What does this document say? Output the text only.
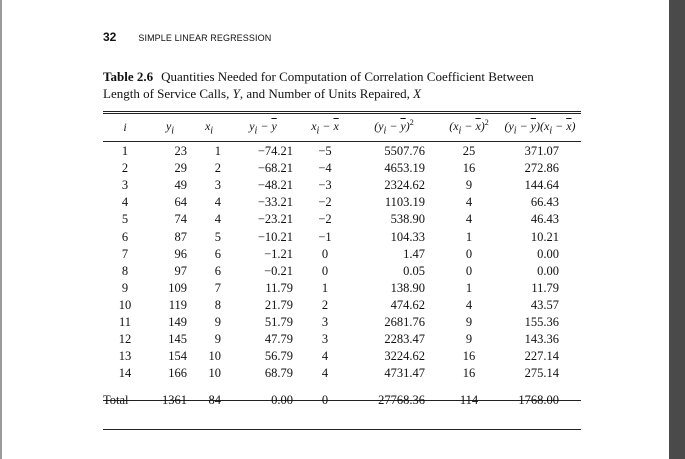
32 SIMPLE LINEAR REGRESSION
Table 2.6 Quantities Needed for Computation of Correlation Coefficient Between Length of Service Calls, Y, and Number of Units Repaired, X
i	$y_i$	$x_i$	$y_i - \overline{y}$	$x_i - \overline{x}$	$(y_i - \overline{y})^2$	$(x_i - \overline{x})^2$	$(y_i - \overline{y})(x_i - \overline{x})$
1	23	1	−74.21	−5	5507.76	25	371.07
2	29	2	−68.21	−4	4653.19	16	272.86
3	49	3	−48.21	−3	2324.62	9	144.64
4	64	4	−33.21	−2	1103.19	4	66.43
5	74	4	−23.21	−2	538.90	4	46.43
6	87	5	−10.21	−1	104.33	1	10.21
7	96	6	−1.21	0	1.47	0	0.00
8	97	6	−0.21	0	0.05	0	0.00
9	109	7	11.79	1	138.90	1	11.79
10	119	8	21.79	2	474.62	4	43.57
11	149	9	51.79	3	2681.76	9	155.36
12	145	9	47.79	3	2283.47	9	143.36
13	154	10	56.79	4	3224.62	16	227.14
14	166	10	68.79	4	4731.47	16	275.14
Total	1361	84	0.00	0	27768.36	114	1768.00
